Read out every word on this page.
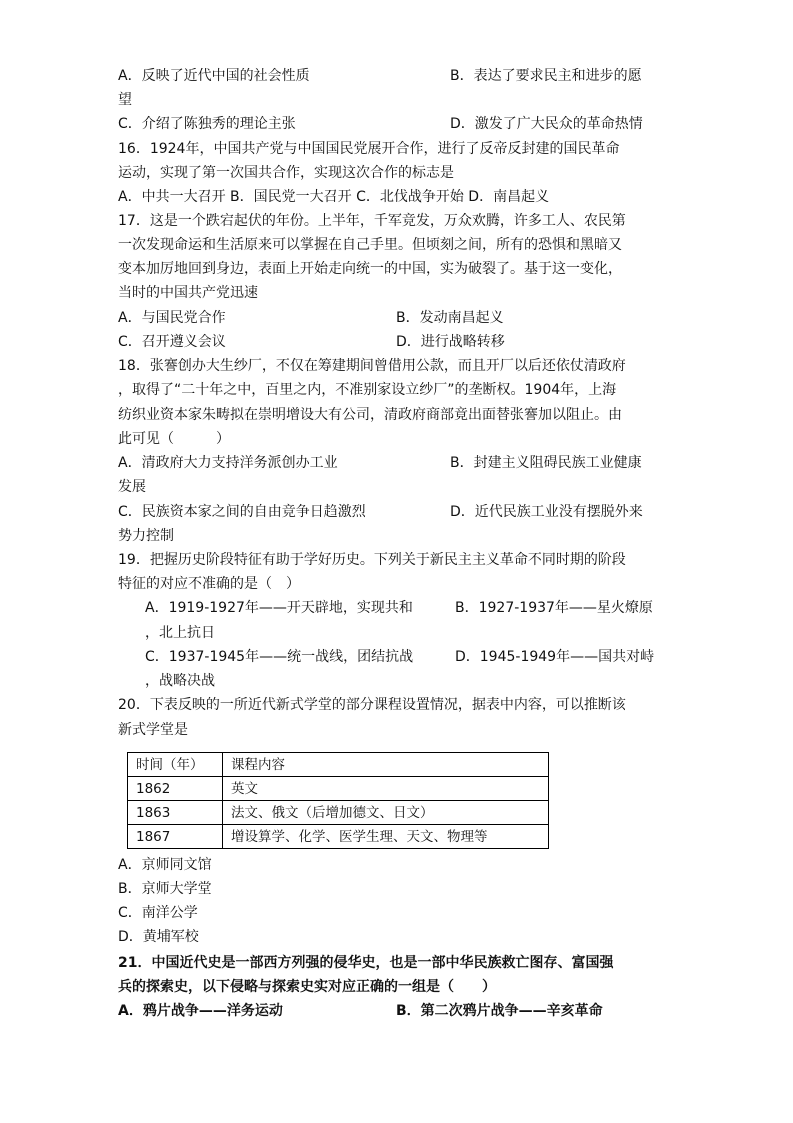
A．反映了近代中国的社会性质	B．表达了要求民主和进步的愿
望
C．介绍了陈独秀的理论主张	D．激发了广大民众的革命热情
16．1924年，中国共产党与中国国民党展开合作，进行了反帝反封建的国民革命
运动，实现了第一次国共合作，实现这次合作的标志是
A．中共一大召开 B．国民党一大召开 C．北伐战争开始 D．南昌起义
17．这是一个跌宕起伏的年份。上半年，千军竞发，万众欢腾，许多工人、农民第
一次发现命运和生活原来可以掌握在自己手里。但顷刻之间，所有的恐惧和黑暗又
变本加厉地回到身边，表面上开始走向统一的中国，实为破裂了。基于这一变化，
当时的中国共产党迅速
A．与国民党合作	B．发动南昌起义
C．召开遵义会议	D．进行战略转移
18．张謇创办大生纱厂，不仅在筹建期间曾借用公款，而且开厂以后还依仗清政府
，取得了“二十年之中，百里之内，不准别家设立纱厂”的垄断权。1904年，上海
纺织业资本家朱畴拟在崇明增设大有公司，清政府商部竟出面替张謇加以阻止。由
此可见（　　　）
A．清政府大力支持洋务派创办工业	B．封建主义阻碍民族工业健康
发展
C．民族资本家之间的自由竞争日趋激烈	D．近代民族工业没有摆脱外来
势力控制
19．把握历史阶段特征有助于学好历史。下列关于新民主主义革命不同时期的阶段
特征的对应不准确的是（　）
A．1919-1927年——开天辟地，实现共和	B．1927-1937年——星火燎原
，北上抗日
C．1937-1945年——统一战线，团结抗战	D．1945-1949年——国共对峙
，战略决战
20．下表反映的一所近代新式学堂的部分课程设置情况，据表中内容，可以推断该
新式学堂是
时间（年）	课程内容
1862	英文
1863	法文、俄文（后增加德文、日文）
1867	增设算学、化学、医学生理、天文、物理等
A．京师同文馆
B．京师大学堂
C．南洋公学
D．黄埔军校
21．中国近代史是一部西方列强的侵华史，也是一部中华民族救亡图存、富国强
兵的探索史，以下侵略与探索史实对应正确的一组是（　　）
A．鸦片战争——洋务运动	B．第二次鸦片战争——辛亥革命
